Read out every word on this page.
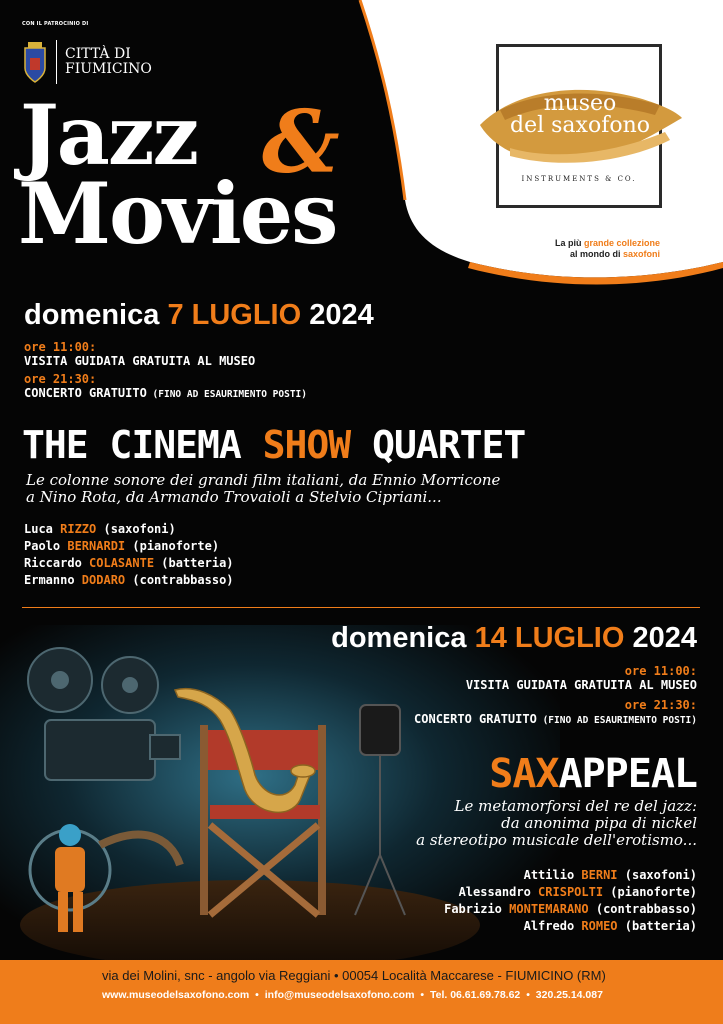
CON IL PATROCINIO DI
CITTÀ DI
FIUMICINO
Jazz &
Movies
museo
del saxofono
INSTRUMENTS & CO.
La più grande collezione
al mondo di saxofoni
domenica 7 LUGLIO 2024
ore 11:00:
VISITA GUIDATA GRATUITA AL MUSEO
ore 21:30:
CONCERTO GRATUITO (FINO AD ESAURIMENTO POSTI)
THE CINEMA SHOW QUARTET
Le colonne sonore dei grandi film italiani, da Ennio Morricone
a Nino Rota, da Armando Trovaioli a Stelvio Cipriani...
Luca RIZZO (saxofoni)
Paolo BERNARDI (pianoforte)
Riccardo COLASANTE (batteria)
Ermanno DODARO (contrabbasso)
domenica 14 LUGLIO 2024
ore 11:00:
VISITA GUIDATA GRATUITA AL MUSEO
ore 21:30:
CONCERTO GRATUITO (FINO AD ESAURIMENTO POSTI)
SAXAPPEAL
Le metamorforsi del re del jazz:
da anonima pipa di nickel
a stereotipo musicale dell'erotismo...
Attilio BERNI (saxofoni)
Alessandro CRISPOLTI (pianoforte)
Fabrizio MONTEMARANO (contrabbasso)
Alfredo ROMEO (batteria)
via dei Molini, snc - angolo via Reggiani • 00054 Località Maccarese - FIUMICINO (RM)
www.museodelsaxofono.com • info@museodelsaxofono.com • Tel. 06.61.69.78.62 • 320.25.14.087
